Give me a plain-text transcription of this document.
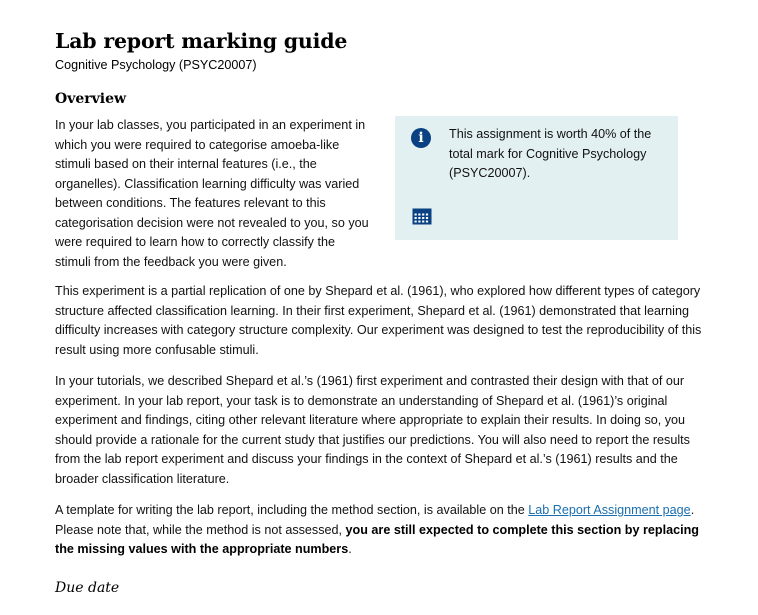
Lab report marking guide
Cognitive Psychology (PSYC20007)
Overview

In your lab classes, you participated in an experiment in which you were required to categorise amoeba-like stimuli based on their internal features (i.e., the organelles). Classification learning difficulty was varied between conditions. The features relevant to this categorisation decision were not revealed to you, so you were required to learn how to correctly classify the stimuli from the feedback you were given.

i	This assignment is worth 40% of the total mark for Cognitive Psychology (PSYC20007).

This experiment is a partial replication of one by Shepard et al. (1961), who explored how different types of category structure affected classification learning. In their first experiment, Shepard et al. (1961) demonstrated that learning difficulty increases with category structure complexity. Our experiment was designed to test the reproducibility of this result using more confusable stimuli.

In your tutorials, we described Shepard et al.’s (1961) first experiment and contrasted their design with that of our experiment. In your lab report, your task is to demonstrate an understanding of Shepard et al. (1961)’s original experiment and findings, citing other relevant literature where appropriate to explain their results. In doing so, you should provide a rationale for the current study that justifies our predictions. You will also need to report the results from the lab report experiment and discuss your findings in the context of Shepard et al.’s (1961) results and the broader classification literature.

A template for writing the lab report, including the method section, is available on the Lab Report Assignment page. Please note that, while the method is not assessed, you are still expected to complete this section by replacing the missing values with the appropriate numbers.

Due date
